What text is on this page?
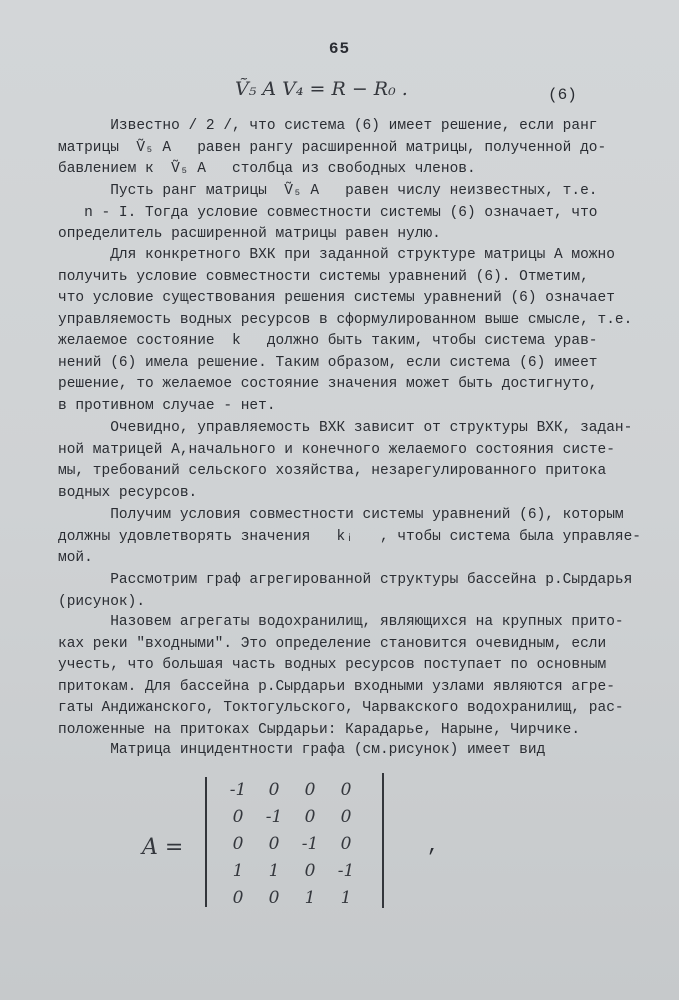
65
Ṽ₅ A V₄ = R − R₀ .	(6)
Известно / 2 /, что система (6) имеет решение, если ранг
матрицы  Ṽ₅ A   равен рангу расширенной матрицы, полученной до-
бавлением к  Ṽ₅ A   столбца из свободных членов.
Пусть ранг матрицы  Ṽ₅ A   равен числу неизвестных, т.е.
n - I. Тогда условие совместности системы (6) означает, что
определитель расширенной матрицы равен нулю.
Для конкретного ВХК при заданной структуре матрицы А можно
получить условие совместности системы уравнений (6). Отметим,
что условие существования решения системы уравнений (6) означает
управляемость водных ресурсов в сформулированном выше смысле, т.е.
желаемое состояние  k   должно быть таким, чтобы система урав-
нений (6) имела решение. Таким образом, если система (6) имеет
решение, то желаемое состояние значения может быть достигнуто,
в противном случае - нет.
Очевидно, управляемость ВХК зависит от структуры ВХК, задан-
ной матрицей А,начального и конечного желаемого состояния систе-
мы, требований сельского хозяйства, незарегулированного притока
водных ресурсов.
Получим условия совместности системы уравнений (6), которым
должны удовлетворять значения   kᵢ   , чтобы система была управляе-
мой.
Рассмотрим граф агрегированной структуры бассейна р.Сырдарья
(рисунок).
Назовем агрегаты водохранилищ, являющихся на крупных прито-
ках реки "входными". Это определение становится очевидным, если
учесть, что большая часть водных ресурсов поступает по основным
притокам. Для бассейна р.Сырдарьи входными узлами являются агре-
гаты Андижанского, Токтогульского, Чарвакского водохранилищ, рас-
положенные на притоках Сырдарьи: Карадарье, Нарыне, Чирчике.
Матрица инцидентности графа (см.рисунок) имеет вид
A =
-1	0	0	0
0	-1	0	0
0	0	-1	0
1	1	0	-1
0	0	1	1
,
